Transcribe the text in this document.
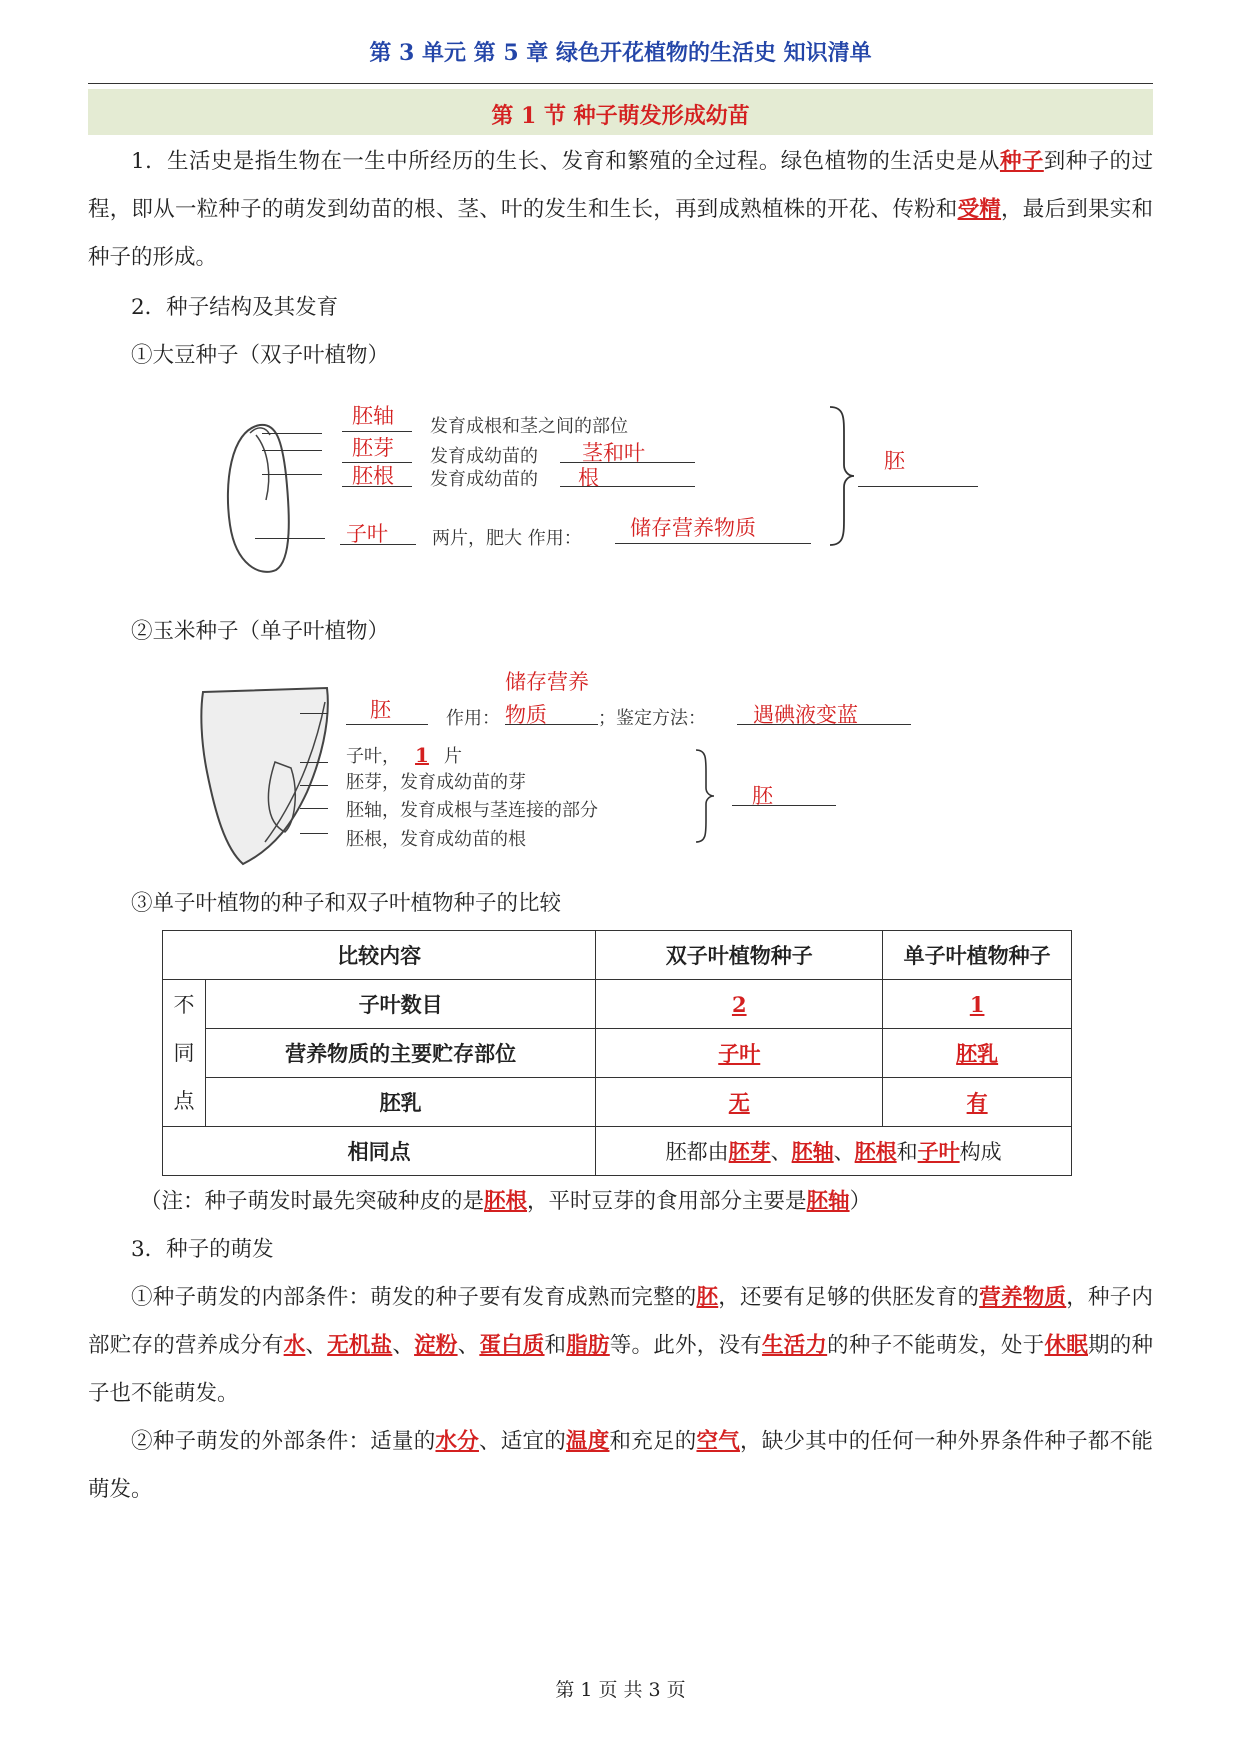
第 3 单元 第 5 章 绿色开花植物的生活史 知识清单
第 1 节 种子萌发形成幼苗
1．生活史是指生物在一生中所经历的生长、发育和繁殖的全过程。绿色植物的生活史是从种子到种子的过程，即从一粒种子的萌发到幼苗的根、茎、叶的发生和生长，再到成熟植株的开花、传粉和受精，最后到果实和种子的形成。
2．种子结构及其发育
①大豆种子（双子叶植物）
胚轴 发育成根和茎之间的部位
胚芽 发育成幼苗的 茎和叶
胚根 发育成幼苗的 根
子叶 两片，肥大 作用： 储存营养物质
胚
②玉米种子（单子叶植物）
胚	作用：
储存营养
物质	；鉴定方法： 遇碘液变蓝
子叶， 1 片
胚芽，发育成幼苗的芽
胚轴，发育成根与茎连接的部分
胚根，发育成幼苗的根
胚
③单子叶植物的种子和双子叶植物种子的比较
比较内容		双子叶植物种子	单子叶植物种子

不
同
点	子叶数目	2	1
	营养物质的主要贮存部位	子叶	胚乳
	胚乳	无	有
相同点		胚都由胚芽、胚轴、胚根和子叶构成	
（注：种子萌发时最先突破种皮的是胚根，平时豆芽的食用部分主要是胚轴）
3．种子的萌发
①种子萌发的内部条件：萌发的种子要有发育成熟而完整的胚，还要有足够的供胚发育的营养物质，种子内部贮存的营养成分有水、无机盐、淀粉、蛋白质和脂肪等。此外，没有生活力的种子不能萌发，处于休眠期的种子也不能萌发。
②种子萌发的外部条件：适量的水分、适宜的温度和充足的空气，缺少其中的任何一种外界条件种子都不能萌发。
第 1 页 共 3 页
